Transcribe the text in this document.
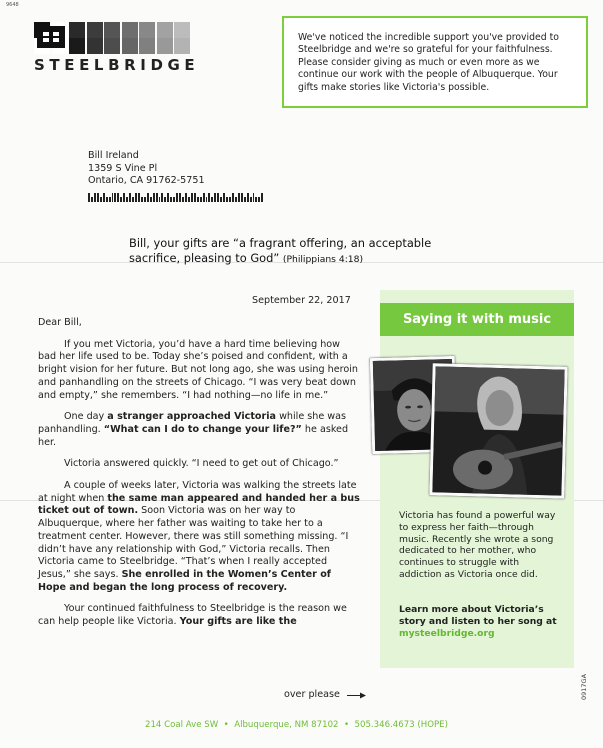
9648
STEELBRIDGE
We've noticed the incredible support you've provided to Steelbridge and we're so grateful for your faithfulness. Please consider giving as much or even more as we continue our work with the people of Albuquerque. Your gifts make stories like Victoria's possible.
Bill Ireland
1359 S Vine Pl
Ontario, CA 91762-5751
Bill, your gifts are “a fragrant offering, an acceptable sacrifice, pleasing to God” (Philippians 4:18)
September 22, 2017

Dear Bill,

If you met Victoria, you’d have a hard time believing how bad her life used to be. Today she’s poised and confident, with a bright vision for her future. But not long ago, she was using heroin and panhandling on the streets of Chicago. “I was very beat down and empty,” she remembers. “I had nothing—no life in me.”

One day a stranger approached Victoria while she was panhandling. “What can I do to change your life?” he asked her.

Victoria answered quickly. “I need to get out of Chicago.”

A couple of weeks later, Victoria was walking the streets late at night when the same man appeared and handed her a bus ticket out of town. Soon Victoria was on her way to Albuquerque, where her father was waiting to take her to a treatment center. However, there was still something missing. “I didn’t have any relationship with God,” Victoria recalls. Then Victoria came to Steelbridge. “That’s when I really accepted Jesus,” she says. She enrolled in the Women’s Center of Hope and began the long process of recovery.

Your continued faithfulness to Steelbridge is the reason we can help people like Victoria. Your gifts are like the

over please
Saying it with music
Victoria has found a powerful way to express her faith—through music. Recently she wrote a song dedicated to her mother, who continues to struggle with addiction as Victoria once did.
Learn more about Victoria’s story and listen to her song at mysteelbridge.org
214 Coal Ave SW  •  Albuquerque, NM 87102  •  505.346.4673 (HOPE)
0917GA
